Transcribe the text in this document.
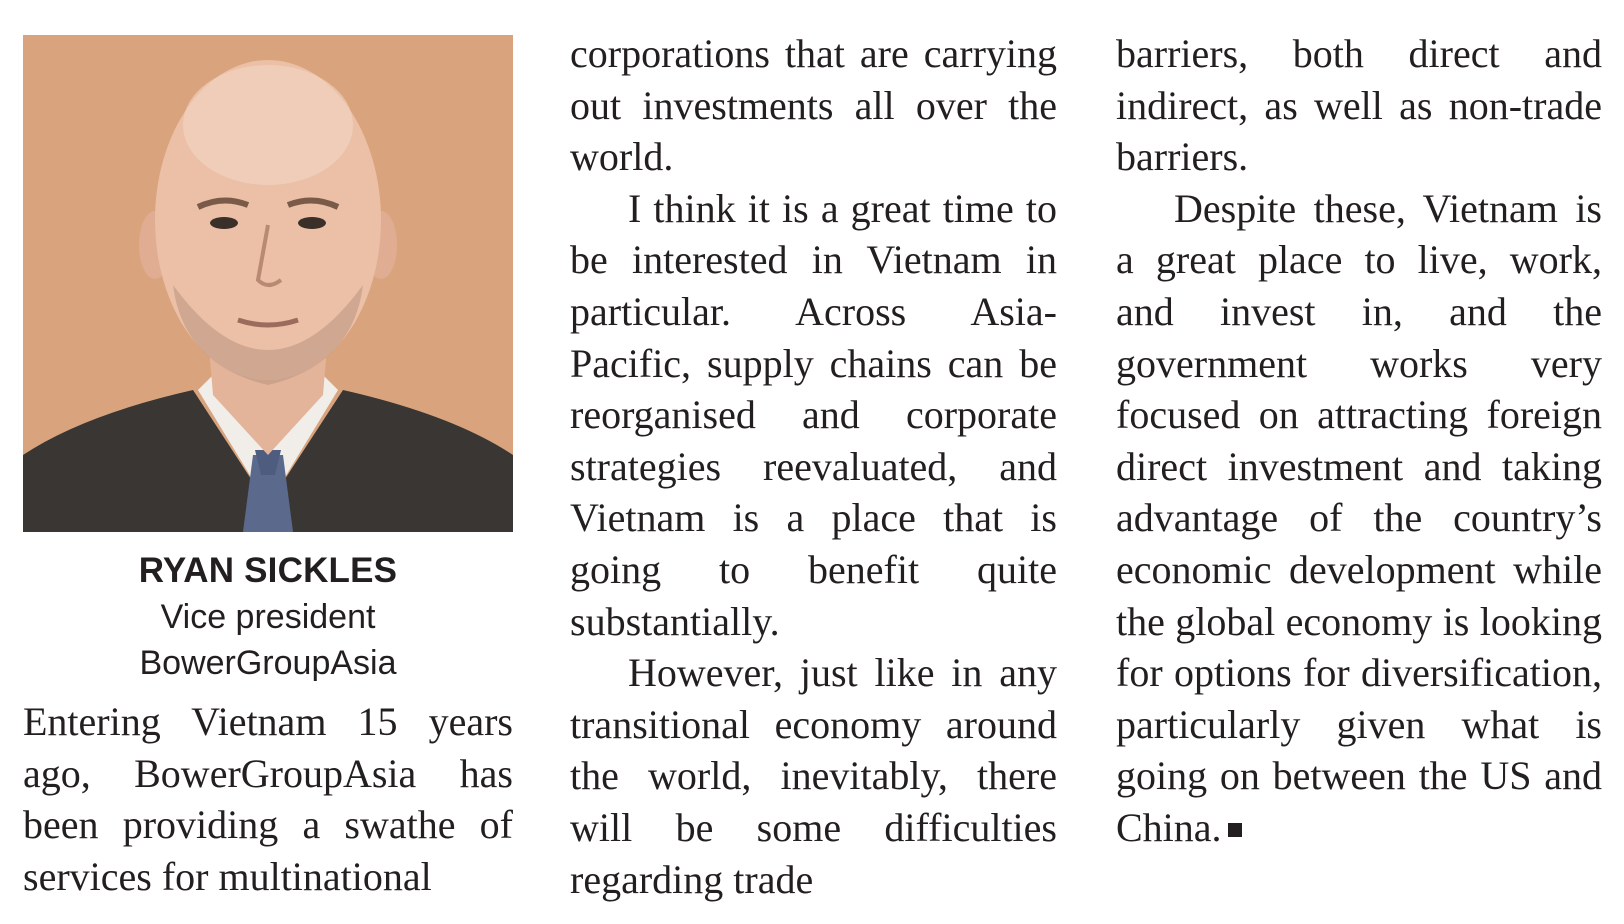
RYAN SICKLES
Vice president
BowerGroupAsia

Entering Vietnam 15 years ago, BowerGroupAsia has been providing a swathe of services for multinational

corporations that are carrying out investments all over the world.

I think it is a great time to be interested in Vietnam in particular. Across Asia-Pacific, supply chains can be reorganised and corporate strategies reevaluated, and Vietnam is a place that is going to benefit quite substantially.

However, just like in any transitional economy around the world, inevitably, there will be some difficulties regarding trade

barriers, both direct and indirect, as well as non-trade barriers.

Despite these, Vietnam is a great place to live, work, and invest in, and the government works very focused on attracting foreign direct investment and taking advantage of the country’s economic development while the global economy is looking for options for diversification, particularly given what is going on between the US and China.
